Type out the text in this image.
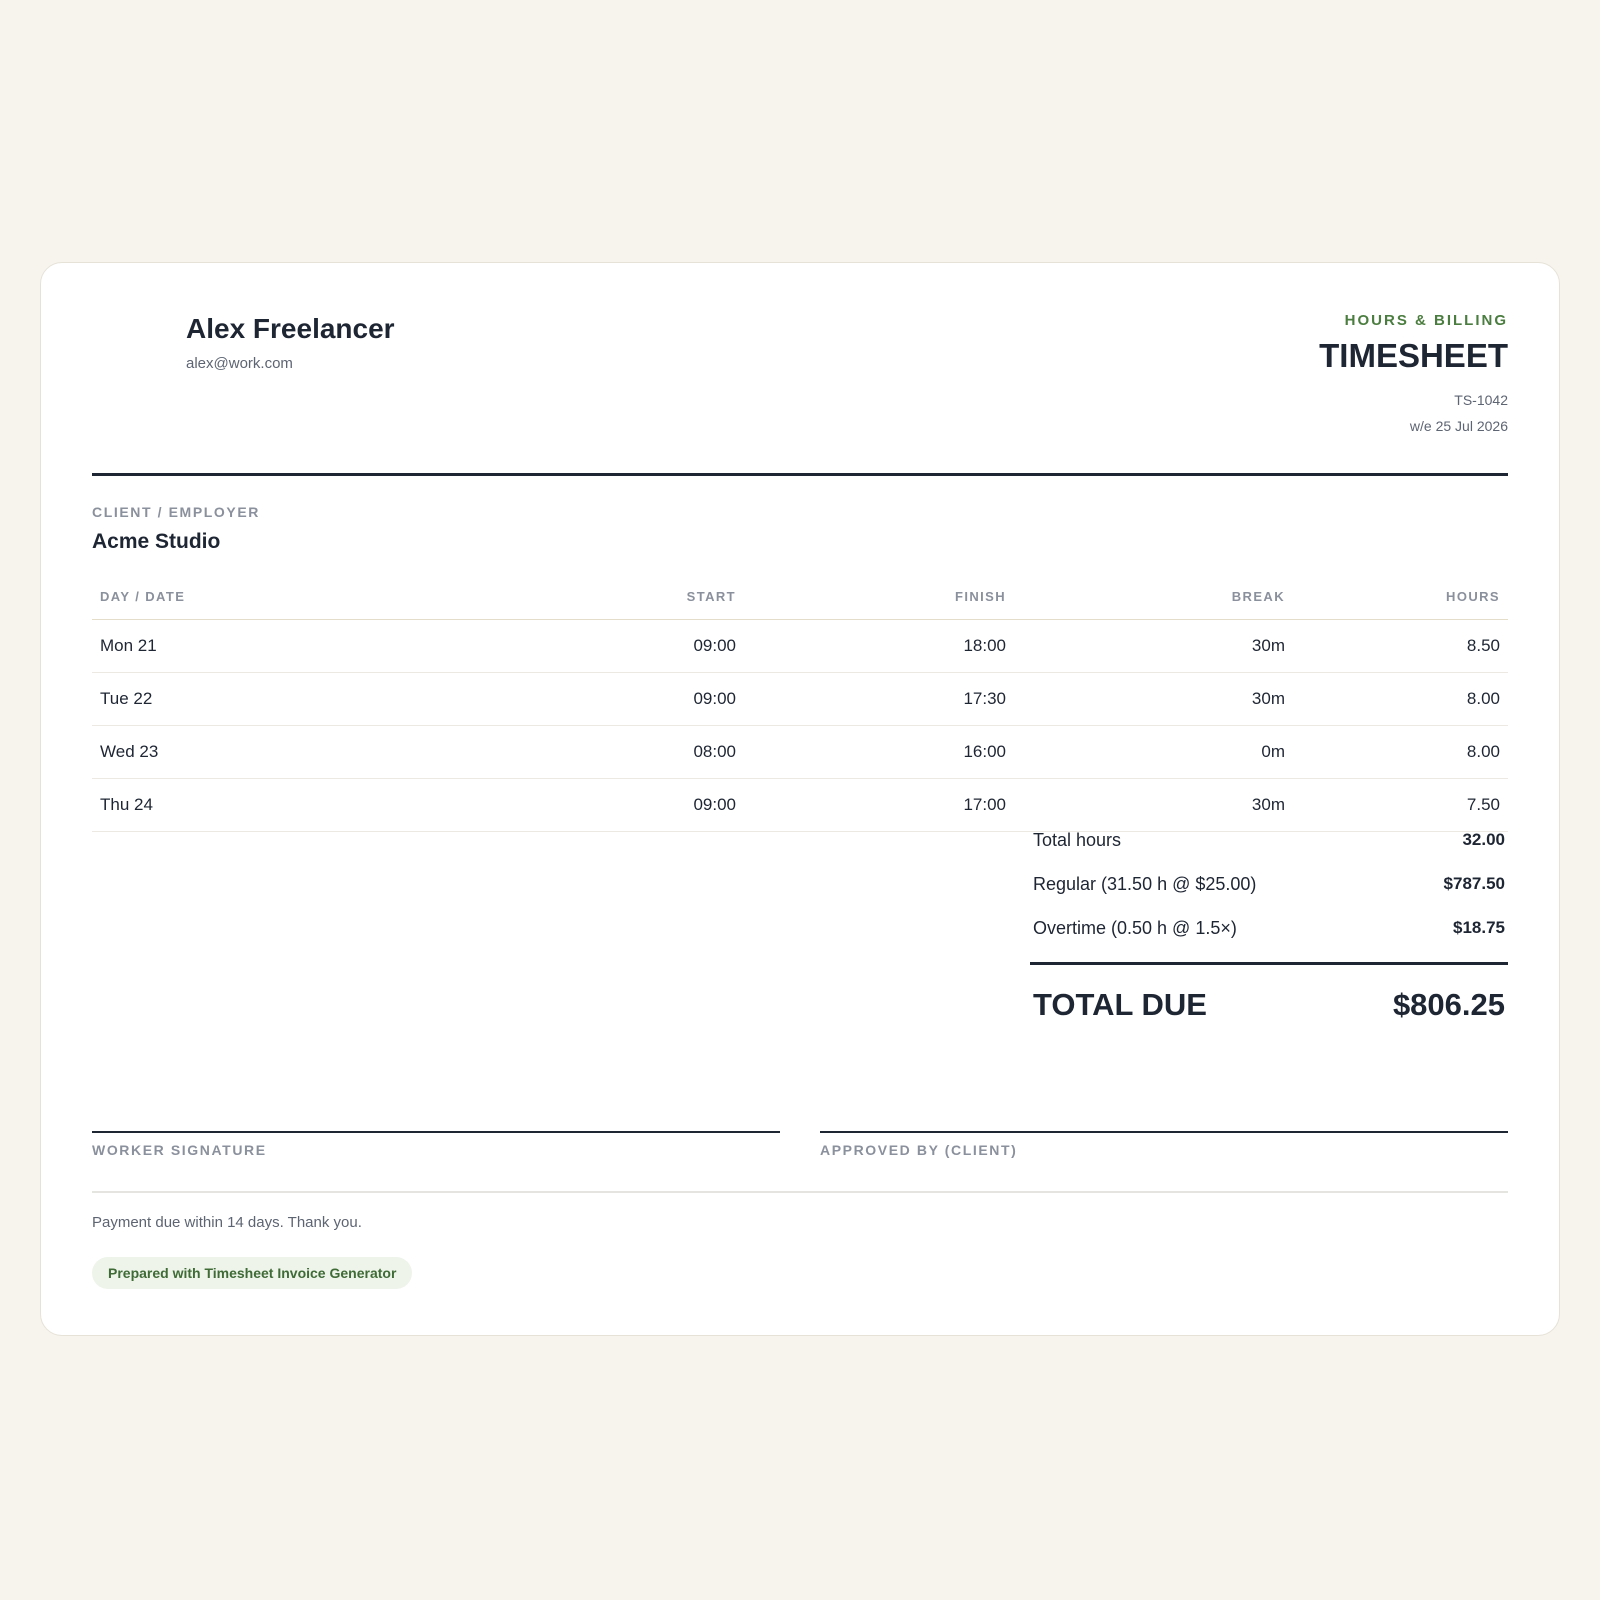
Alex Freelancer
alex@work.com
HOURS & BILLING
TIMESHEET
TS-1042
w/e 25 Jul 2026
CLIENT / EMPLOYER
Acme Studio
DAY / DATE	START	FINISH	BREAK	HOURS
Mon 21	09:00	18:00	30m	8.50
Tue 22	09:00	17:30	30m	8.00
Wed 23	08:00	16:00	0m	8.00
Thu 24	09:00	17:00	30m	7.50
Total hours	32.00
Regular (31.50 h @ $25.00)	$787.50
Overtime (0.50 h @ 1.5×)	$18.75
TOTAL DUE	$806.25
WORKER SIGNATURE	APPROVED BY (CLIENT)
Payment due within 14 days. Thank you.
Prepared with Timesheet Invoice Generator
